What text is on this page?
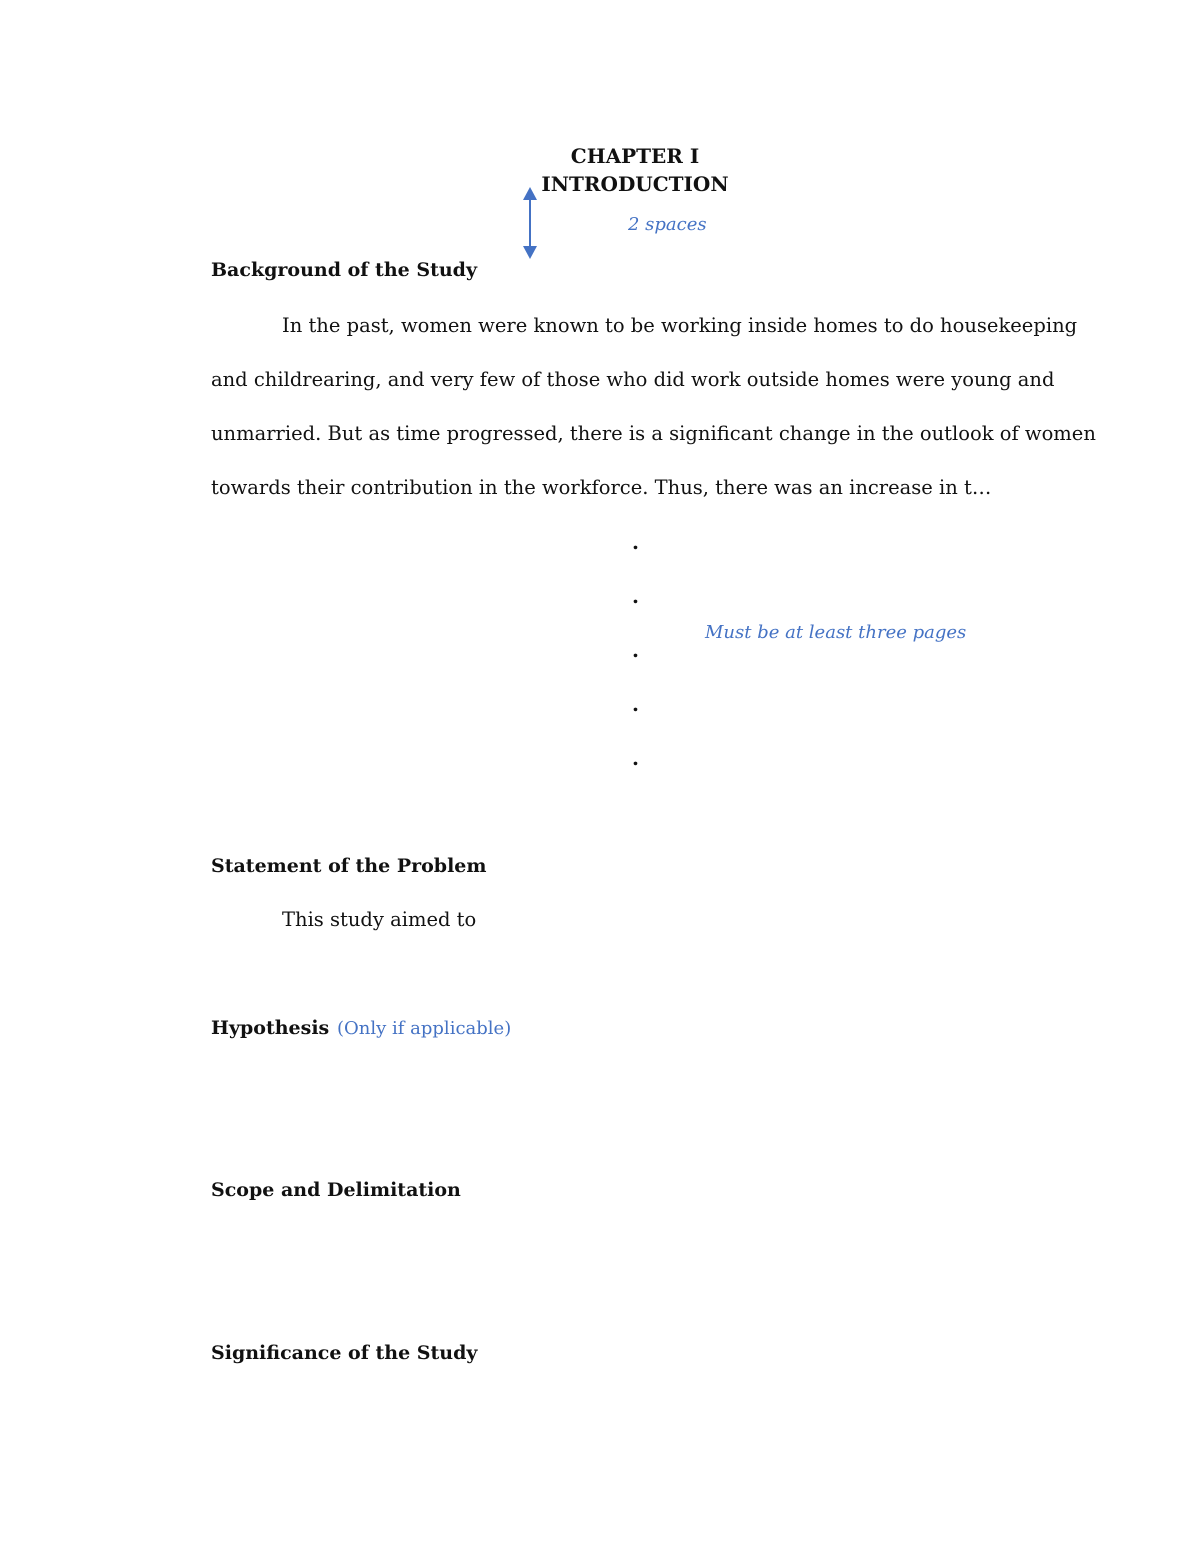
CHAPTER I
INTRODUCTION
2 spaces
Background of the Study
In the past, women were known to be working inside homes to do housekeeping
and childrearing, and very few of those who did work outside homes were young and
unmarried. But as time progressed, there is a significant change in the outlook of women
towards their contribution in the workforce. Thus, there was an increase in t…
.
.
.
.
.
Must be at least three pages
Statement of the Problem
This study aimed to
Hypothesis (Only if applicable)
Scope and Delimitation
Significance of the Study
